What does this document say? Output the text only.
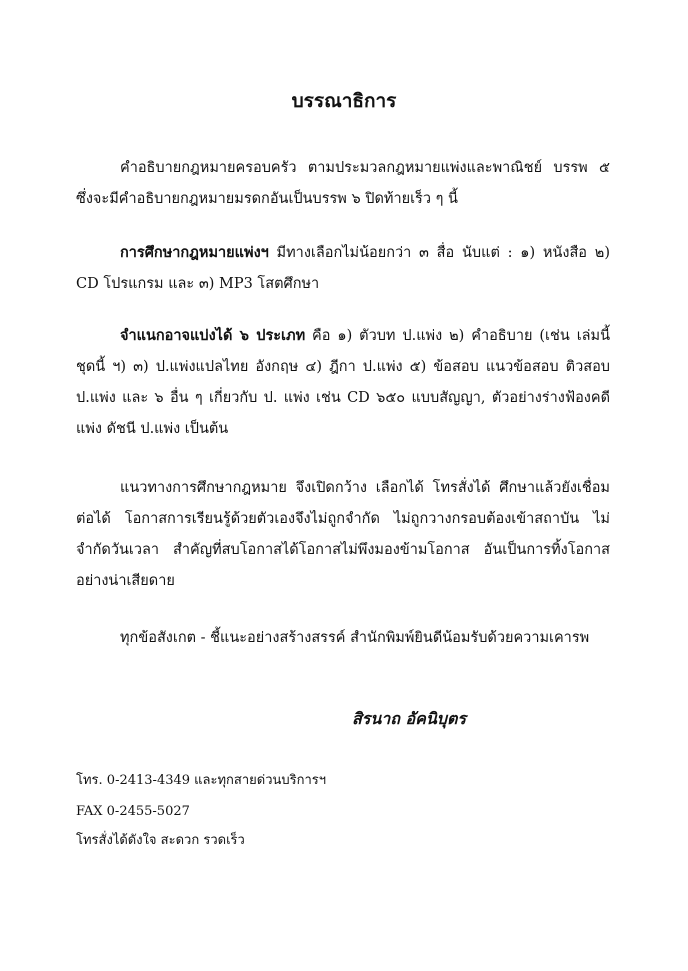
บรรณาธิการ

คำอธิบายกฎหมายครอบครัว ตามประมวลกฎหมายแพ่งและพาณิชย์ บรรพ ๕ ซึ่งจะมีคำอธิบายกฎหมายมรดกอันเป็นบรรพ ๖ ปิดท้ายเร็ว ๆ นี้

การศึกษากฎหมายแพ่งฯ มีทางเลือกไม่น้อยกว่า ๓ สื่อ นับแต่ : ๑) หนังสือ ๒) CD โปรแกรม และ ๓) MP3 โสตศึกษา

จำแนกอาจแบ่งได้ ๖ ประเภท คือ ๑) ตัวบท ป.แพ่ง ๒) คำอธิบาย (เช่น เล่มนี้ ชุดนี้ ฯ) ๓) ป.แพ่งแปลไทย อังกฤษ ๔) ฎีกา ป.แพ่ง ๕) ข้อสอบ แนวข้อสอบ ติวสอบ ป.แพ่ง และ ๖ อื่น ๆ เกี่ยวกับ ป. แพ่ง เช่น CD ๖๕๐ แบบสัญญา, ตัวอย่างร่างฟ้องคดีแพ่ง ดัชนี ป.แพ่ง เป็นต้น

แนวทางการศึกษากฎหมาย จึงเปิดกว้าง เลือกได้ โทรสั่งได้ ศึกษาแล้วยังเชื่อมต่อได้ โอกาสการเรียนรู้ด้วยตัวเองจึงไม่ถูกจำกัด ไม่ถูกวางกรอบต้องเข้าสถาบัน ไม่จำกัดวันเวลา สำคัญที่สบโอกาสได้โอกาสไม่พึงมองข้ามโอกาส อันเป็นการทิ้งโอกาสอย่างน่าเสียดาย

ทุกข้อสังเกต - ชี้แนะอย่างสร้างสรรค์ สำนักพิมพ์ยินดีน้อมรับด้วยความเคารพ

สิรนาถ อัคนิบุตร
โทร. 0-2413-4349 และทุกสายด่วนบริการฯ
FAX 0-2455-5027
โทรสั่งได้ดังใจ สะดวก รวดเร็ว
